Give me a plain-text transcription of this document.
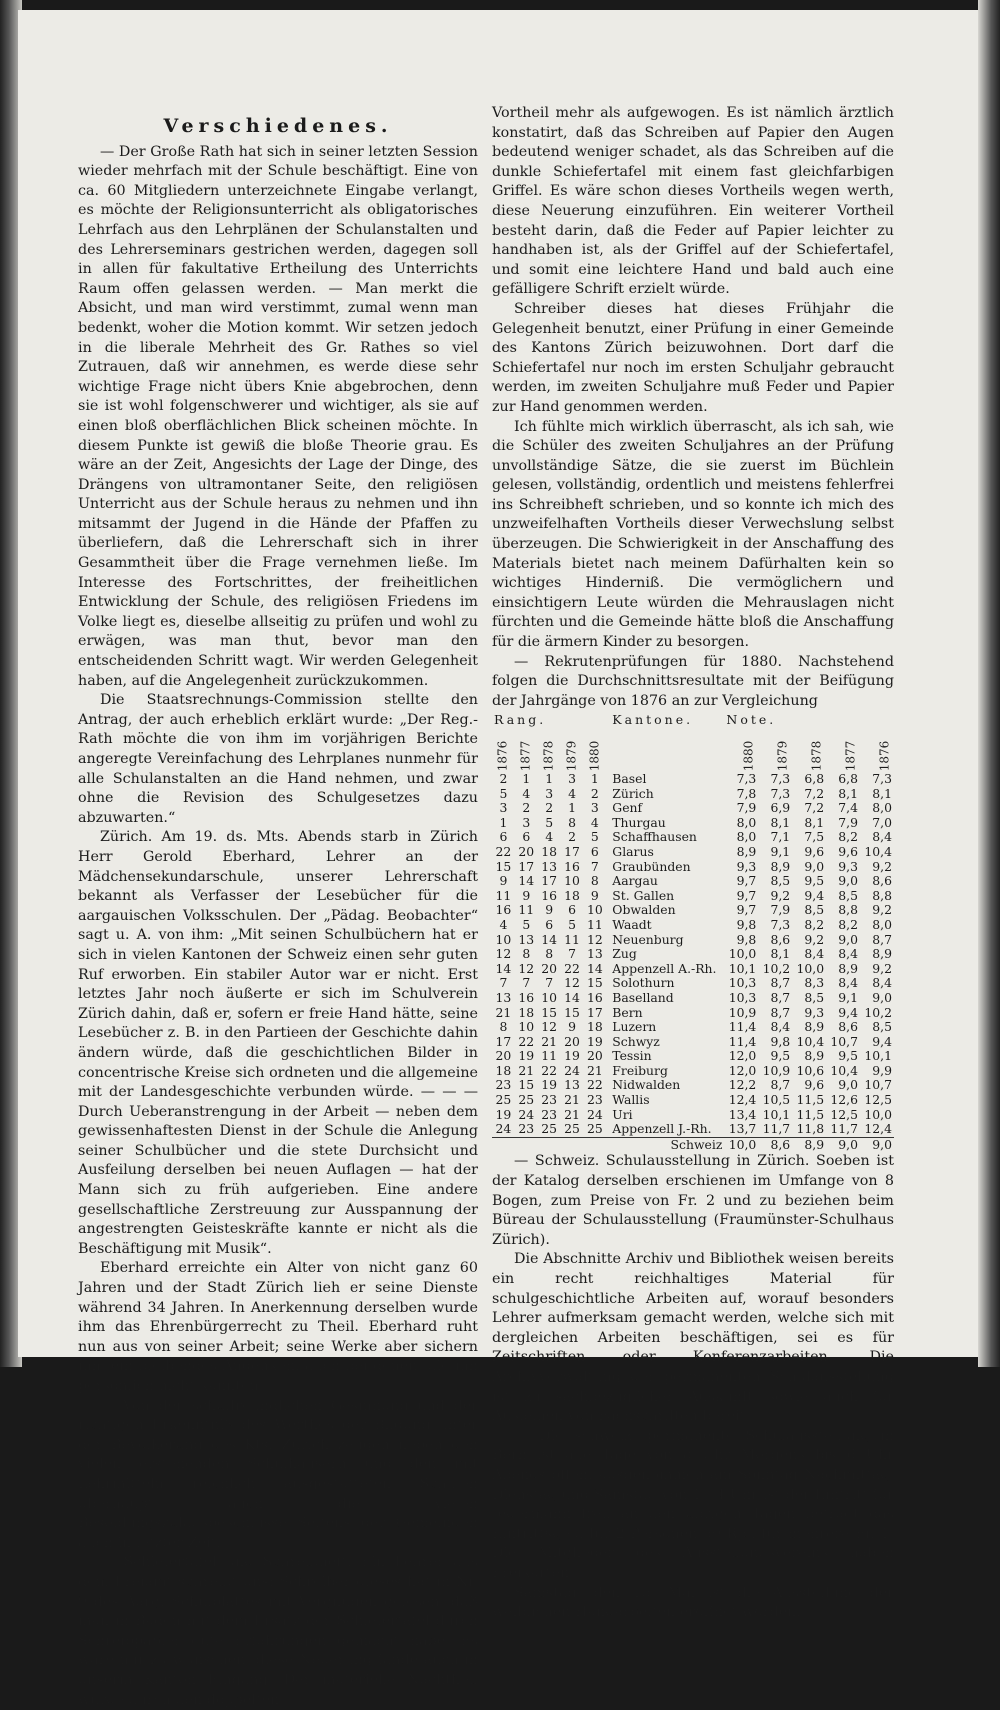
Verschiedenes.

— Der Große Rath hat sich in seiner letzten Session wieder mehrfach mit der Schule beschäftigt. Eine von ca. 60 Mitgliedern unterzeichnete Eingabe verlangt, es möchte der Religionsunterricht als obligatorisches Lehrfach aus den Lehrplänen der Schulanstalten und des Lehrerseminars gestrichen werden, dagegen soll in allen für fakultative Ertheilung des Unterrichts Raum offen gelassen werden. — Man merkt die Absicht, und man wird verstimmt, zumal wenn man bedenkt, woher die Motion kommt. Wir setzen jedoch in die liberale Mehrheit des Gr. Rathes so viel Zutrauen, daß wir annehmen, es werde diese sehr wichtige Frage nicht übers Knie abgebrochen, denn sie ist wohl folgenschwerer und wichtiger, als sie auf einen bloß oberflächlichen Blick scheinen möchte. In diesem Punkte ist gewiß die bloße Theorie grau. Es wäre an der Zeit, Angesichts der Lage der Dinge, des Drängens von ultramontaner Seite, den religiösen Unterricht aus der Schule heraus zu nehmen und ihn mitsammt der Jugend in die Hände der Pfaffen zu überliefern, daß die Lehrerschaft sich in ihrer Gesammtheit über die Frage vernehmen ließe. Im Interesse des Fortschrittes, der freiheitlichen Entwicklung der Schule, des religiösen Friedens im Volke liegt es, dieselbe allseitig zu prüfen und wohl zu erwägen, was man thut, bevor man den entscheidenden Schritt wagt. Wir werden Gelegenheit haben, auf die Angelegenheit zurückzukommen.

Die Staatsrechnungs-Commission stellte den Antrag, der auch erheblich erklärt wurde: „Der Reg.-Rath möchte die von ihm im vorjährigen Berichte angeregte Vereinfachung des Lehrplanes nunmehr für alle Schulanstalten an die Hand nehmen, und zwar ohne die Revision des Schulgesetzes dazu abzuwarten.“

Zürich. Am 19. ds. Mts. Abends starb in Zürich Herr Gerold Eberhard, Lehrer an der Mädchensekundarschule, unserer Lehrerschaft bekannt als Verfasser der Lesebücher für die aargauischen Volksschulen. Der „Pädag. Beobachter“ sagt u. A. von ihm: „Mit seinen Schulbüchern hat er sich in vielen Kantonen der Schweiz einen sehr guten Ruf erworben. Ein stabiler Autor war er nicht. Erst letztes Jahr noch äußerte er sich im Schulverein Zürich dahin, daß er, sofern er freie Hand hätte, seine Lesebücher z. B. in den Partieen der Geschichte dahin ändern würde, daß die geschichtlichen Bilder in concentrische Kreise sich ordneten und die allgemeine mit der Landesgeschichte verbunden würde. — — — Durch Ueberanstrengung in der Arbeit — neben dem gewissenhaftesten Dienst in der Schule die Anlegung seiner Schulbücher und die stete Durchsicht und Ausfeilung derselben bei neuen Auflagen — hat der Mann sich zu früh aufgerieben. Eine andere gesellschaftliche Zerstreuung zur Ausspannung der angestrengten Geisteskräfte kannte er nicht als die Beschäftigung mit Musik“.

Eberhard erreichte ein Alter von nicht ganz 60 Jahren und der Stadt Zürich lieh er seine Dienste während 34 Jahren. In Anerkennung derselben wurde ihm das Ehrenbürgerrecht zu Theil. Eberhard ruht nun aus von seiner Arbeit; seine Werke aber sichern ihm ein bleibendes Andenken, auch bei denen, die ihn persönlich nicht kannten.

— Von der schulfreundlichen Gesinnung und der richtigen Erkenntniß des Werthes der Bildung unter der Bevölkerung des Kts. Zürich zeugen neben den vielen erstehenden Schulhäusern und den mit Lehrmitteln reichlich ausgestatteten Schulen überhaupt auch die vielen Besoldungszulagsbeschlüsse Seitens der Gemeinden auch in letzter Zeit.

— Schiefertafel und Schreibheft. Ein Lehrer aus dem Freiamt schreibt uns: Schreiber dieses hat in Nr. 9 des Aarg. Schulblattes mit Vergnügen gelesen, daß man in Baden mit dem Ersatz der Schiefertafel durch Schreibpapier gute Erfahrungen gemacht habe. Es wäre nur zu wünschen, diese Neuerung fände auch in unserm Kanton Eingang. Der materielle Nachtheil würde durch den doppelten

Vortheil mehr als aufgewogen. Es ist nämlich ärztlich konstatirt, daß das Schreiben auf Papier den Augen bedeutend weniger schadet, als das Schreiben auf die dunkle Schiefertafel mit einem fast gleichfarbigen Griffel. Es wäre schon dieses Vortheils wegen werth, diese Neuerung einzuführen. Ein weiterer Vortheil besteht darin, daß die Feder auf Papier leichter zu handhaben ist, als der Griffel auf der Schiefertafel, und somit eine leichtere Hand und bald auch eine gefälligere Schrift erzielt würde.

Schreiber dieses hat dieses Frühjahr die Gelegenheit benutzt, einer Prüfung in einer Gemeinde des Kantons Zürich beizuwohnen. Dort darf die Schiefertafel nur noch im ersten Schuljahr gebraucht werden, im zweiten Schuljahre muß Feder und Papier zur Hand genommen werden.

Ich fühlte mich wirklich überrascht, als ich sah, wie die Schüler des zweiten Schuljahres an der Prüfung unvollständige Sätze, die sie zuerst im Büchlein gelesen, vollständig, ordentlich und meistens fehlerfrei ins Schreibheft schrieben, und so konnte ich mich des unzweifelhaften Vortheils dieser Verwechslung selbst überzeugen. Die Schwierigkeit in der Anschaffung des Materials bietet nach meinem Dafürhalten kein so wichtiges Hinderniß. Die vermöglichern und einsichtigern Leute würden die Mehrauslagen nicht fürchten und die Gemeinde hätte bloß die Anschaffung für die ärmern Kinder zu besorgen.

— Rekrutenprüfungen für 1880. Nachstehend folgen die Durchschnittsresultate mit der Beifügung der Jahrgänge von 1876 an zur Vergleichung

Rang.					Kantone.	Note.				
1876	1877	1878	1879	1880		1880	1879	1878	1877	1876
2	1	1	3	1	Basel	7,3	7,3	6,8	6,8	7,3
5	4	3	4	2	Zürich	7,8	7,3	7,2	8,1	8,1
3	2	2	1	3	Genf	7,9	6,9	7,2	7,4	8,0
1	3	5	8	4	Thurgau	8,0	8,1	8,1	7,9	7,0
6	6	4	2	5	Schaffhausen	8,0	7,1	7,5	8,2	8,4
22	20	18	17	6	Glarus	8,9	9,1	9,6	9,6	10,4
15	17	13	16	7	Graubünden	9,3	8,9	9,0	9,3	9,2
9	14	17	10	8	Aargau	9,7	8,5	9,5	9,0	8,6
11	9	16	18	9	St. Gallen	9,7	9,2	9,4	8,5	8,8
16	11	9	6	10	Obwalden	9,7	7,9	8,5	8,8	9,2
4	5	6	5	11	Waadt	9,8	7,3	8,2	8,2	8,0
10	13	14	11	12	Neuenburg	9,8	8,6	9,2	9,0	8,7
12	8	8	7	13	Zug	10,0	8,1	8,4	8,4	8,9
14	12	20	22	14	Appenzell A.-Rh.	10,1	10,2	10,0	8,9	9,2
7	7	7	12	15	Solothurn	10,3	8,7	8,3	8,4	8,4
13	16	10	14	16	Baselland	10,3	8,7	8,5	9,1	9,0
21	18	15	15	17	Bern	10,9	8,7	9,3	9,4	10,2
8	10	12	9	18	Luzern	11,4	8,4	8,9	8,6	8,5
17	22	21	20	19	Schwyz	11,4	9,8	10,4	10,7	9,4
20	19	11	19	20	Tessin	12,0	9,5	8,9	9,5	10,1
18	21	22	24	21	Freiburg	12,0	10,9	10,6	10,4	9,9
23	15	19	13	22	Nidwalden	12,2	8,7	9,6	9,0	10,7
25	25	23	21	23	Wallis	12,4	10,5	11,5	12,6	12,5
19	24	23	21	24	Uri	13,4	10,1	11,5	12,5	10,0
24	23	25	25	25	Appenzell J.-Rh.	13,7	11,7	11,8	11,7	12,4
					Schweiz	10,0	8,6	8,9	9,0	9,0

— Schweiz. Schulausstellung in Zürich. Soeben ist der Katalog derselben erschienen im Umfange von 8 Bogen, zum Preise von Fr. 2 und zu beziehen beim Büreau der Schulausstellung (Fraumünster-Schulhaus Zürich).

Die Abschnitte Archiv und Bibliothek weisen bereits ein recht reichhaltiges Material für schulgeschichtliche Arbeiten auf, worauf besonders Lehrer aufmerksam gemacht werden, welche sich mit dergleichen Arbeiten beschäftigen, sei es für Zeitschriften oder Konferenzarbeiten. Die Archivverwaltung der permanenten Schulausstellung ist zu sachbezüglicher Auskunft sowie auch für Ausleihen von Fachschriften bereit.

— Die schweiz. permanente Schulausstellung in Bern ist alle Tage von 8 Uhr Morgens bis 6 Uhr Abends offen, ausgenommen am Sonntag Nachmittag. Dienstag und Samstag von 1—4 Uhr ist der Eintritt für Jedermann frei, an den übrigen Tagen beträgt das Eintrittsgeld für 2 Personen 50 Rp., für mehrere Fr. 1. Die Mitglieder des Ausstellungsvereins haben Freikarten.

Samstag, den 15. Mai ist die Ausstellung der weiblichen Handarbeiten eröffnet worden.
